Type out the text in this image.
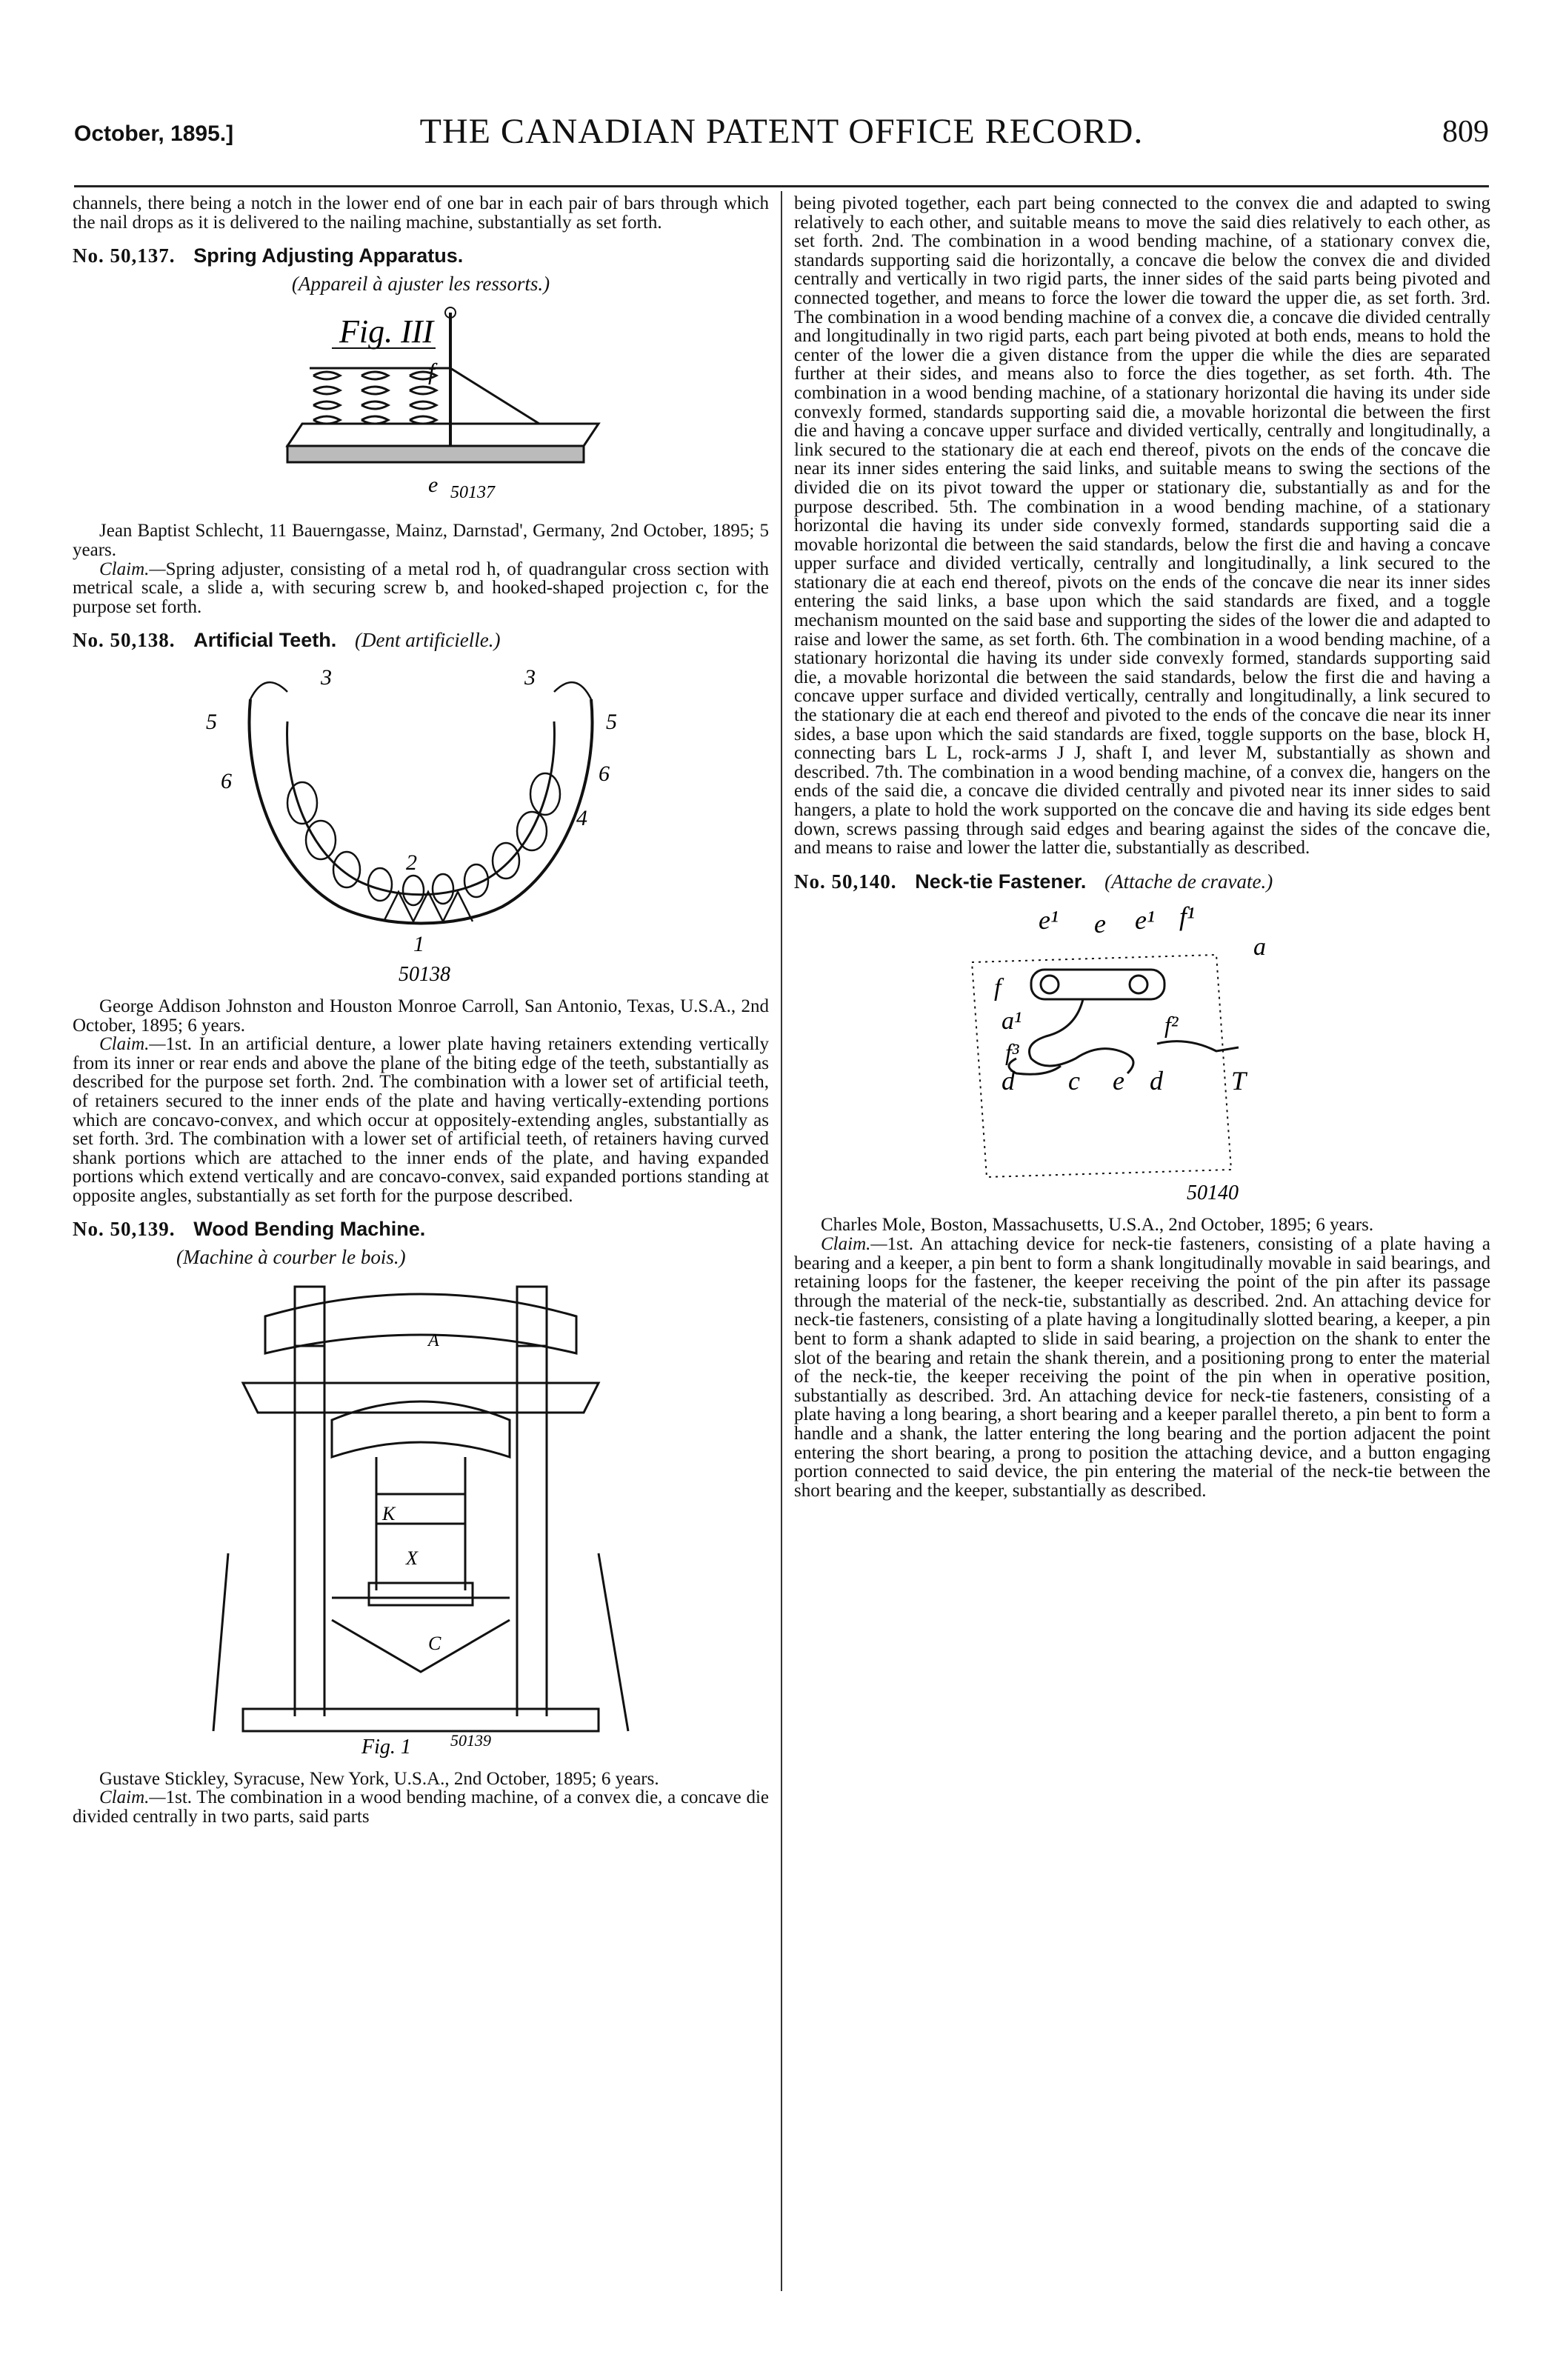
October, 1895.]	THE CANADIAN PATENT OFFICE RECORD.	809

channels, there being a notch in the lower end of one bar in each pair of bars through which the nail drops as it is delivered to the nailing machine, substantially as set forth.

No. 50,137. Spring Adjusting Apparatus.
(Appareil à ajuster les ressorts.)
Fig. III
f
e 50137

Jean Baptist Schlecht, 11 Bauerngasse, Mainz, Darnstad', Germany, 2nd October, 1895; 5 years.

Claim.—Spring adjuster, consisting of a metal rod h, of quadrangular cross section with metrical scale, a slide a, with securing screw b, and hooked-shaped projection c, for the purpose set forth.

No. 50,138. Artificial Teeth. (Dent artificielle.)
3	3
5	5
6	6
4
2
1
50138

George Addison Johnston and Houston Monroe Carroll, San Antonio, Texas, U.S.A., 2nd October, 1895; 6 years.

Claim.—1st. In an artificial denture, a lower plate having retainers extending vertically from its inner or rear ends and above the plane of the biting edge of the teeth, substantially as described for the purpose set forth. 2nd. The combination with a lower set of artificial teeth, of retainers secured to the inner ends of the plate and having vertically-extending portions which are concavo-convex, and which occur at oppositely-extending angles, substantially as set forth. 3rd. The combination with a lower set of artificial teeth, of retainers having curved shank portions which are attached to the inner ends of the plate, and having expanded portions which extend vertically and are concavo-convex, said expanded portions standing at opposite angles, substantially as set forth for the purpose described.

No. 50,139. Wood Bending Machine.
(Machine à courber le bois.)
K
X
C
A
Fig. 1 50139

Gustave Stickley, Syracuse, New York, U.S.A., 2nd October, 1895; 6 years.

Claim.—1st. The combination in a wood bending machine, of a convex die, a concave die divided centrally in two parts, said parts

being pivoted together, each part being connected to the convex die and adapted to swing relatively to each other, and suitable means to move the said dies relatively to each other, as set forth. 2nd. The combination in a wood bending machine, of a stationary convex die, standards supporting said die horizontally, a concave die below the convex die and divided centrally and vertically in two rigid parts, the inner sides of the said parts being pivoted and connected together, and means to force the lower die toward the upper die, as set forth. 3rd. The combination in a wood bending machine of a convex die, a concave die divided centrally and longitudinally in two rigid parts, each part being pivoted at both ends, means to hold the center of the lower die a given distance from the upper die while the dies are separated further at their sides, and means also to force the dies together, as set forth. 4th. The combination in a wood bending machine, of a stationary horizontal die having its under side convexly formed, standards supporting said die, a movable horizontal die between the first die and having a concave upper surface and divided vertically, centrally and longitudinally, a link secured to the stationary die at each end thereof, pivots on the ends of the concave die near its inner sides entering the said links, and suitable means to swing the sections of the divided die on its pivot toward the upper or stationary die, substantially as and for the purpose described. 5th. The combination in a wood bending machine, of a stationary horizontal die having its under side convexly formed, standards supporting said die a movable horizontal die between the said standards, below the first die and having a concave upper surface and divided vertically, centrally and longitudinally, a link secured to the stationary die at each end thereof, pivots on the ends of the concave die near its inner sides entering the said links, a base upon which the said standards are fixed, and a toggle mechanism mounted on the said base and supporting the sides of the lower die and adapted to raise and lower the same, as set forth. 6th. The combination in a wood bending machine, of a stationary horizontal die having its under side convexly formed, standards supporting said die, a movable horizontal die between the said standards, below the first die and having a concave upper surface and divided vertically, centrally and longitudinally, a link secured to the stationary die at each end thereof and pivoted to the ends of the concave die near its inner sides, a base upon which the said standards are fixed, toggle supports on the base, block H, connecting bars L L, rock-arms J J, shaft I, and lever M, substantially as shown and described. 7th. The combination in a wood bending machine, of a convex die, hangers on the ends of the said die, a concave die divided centrally and pivoted near its inner sides to said hangers, a plate to hold the work supported on the concave die and having its side edges bent down, screws passing through said edges and bearing against the sides of the concave die, and means to raise and lower the latter die, substantially as described.

No. 50,140. Neck-tie Fastener. (Attache de cravate.)
e¹ e e¹ f¹
a
f
a¹
f³
f²
d c e d	T
50140

Charles Mole, Boston, Massachusetts, U.S.A., 2nd October, 1895; 6 years.

Claim.—1st. An attaching device for neck-tie fasteners, consisting of a plate having a bearing and a keeper, a pin bent to form a shank longitudinally movable in said bearings, and retaining loops for the fastener, the keeper receiving the point of the pin after its passage through the material of the neck-tie, substantially as described. 2nd. An attaching device for neck-tie fasteners, consisting of a plate having a longitudinally slotted bearing, a keeper, a pin bent to form a shank adapted to slide in said bearing, a projection on the shank to enter the slot of the bearing and retain the shank therein, and a positioning prong to enter the material of the neck-tie, the keeper receiving the point of the pin when in operative position, substantially as described. 3rd. An attaching device for neck-tie fasteners, consisting of a plate having a long bearing, a short bearing and a keeper parallel thereto, a pin bent to form a handle and a shank, the latter entering the long bearing and the portion adjacent the point entering the short bearing, a prong to position the attaching device, and a button engaging portion connected to said device, the pin entering the material of the neck-tie between the short bearing and the keeper, substantially as described.
